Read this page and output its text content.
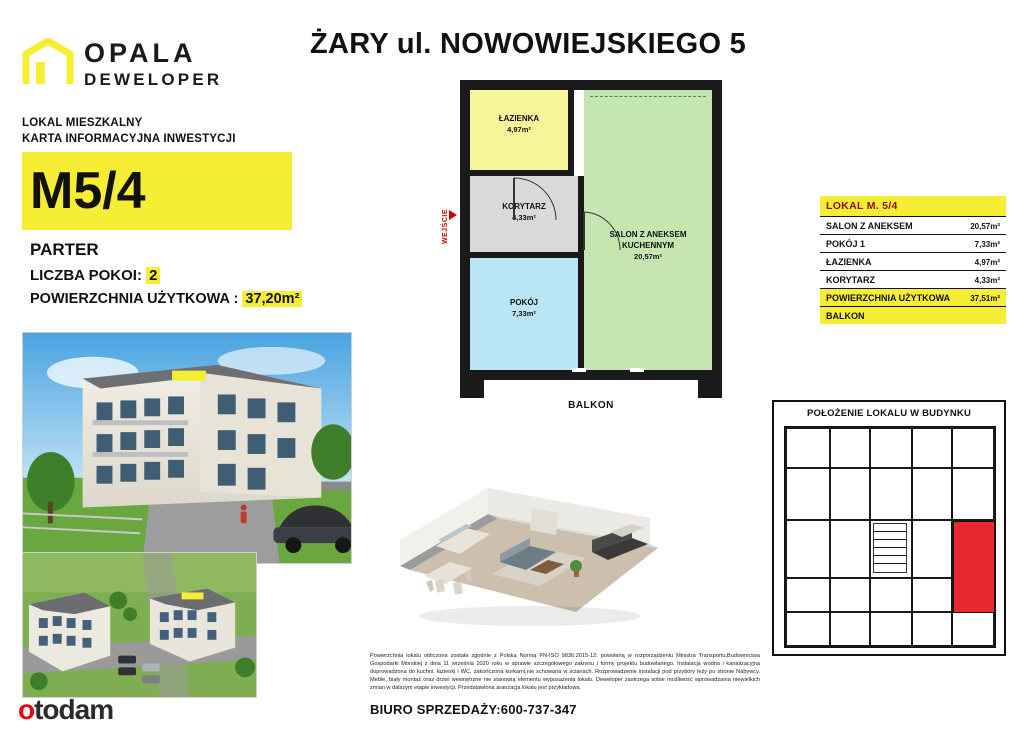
OPALA
DEWELOPER
LOKAL MIESZKALNY
KARTA INFORMACYJNA INWESTYCJI
M5/4
PARTER
LICZBA POKOI: 2
POWIERZCHNIA UŻYTKOWA : 37,20m²
ŻARY ul. NOWOWIEJSKIEGO 5
ŁAZIENKA
4,97m²
KORYTARZ
4,33m²
POKÓJ
7,33m²
SALON Z ANEKSEM KUCHENNYM
20,57m²
WEJŚCIE
BALKON
LOKAL M. 5/4
SALON Z ANEKSEM	20,57m²
POKÓJ 1	7,33m²
ŁAZIENKA	4,97m²
KORYTARZ	4,33m²
POWIERZCHNIA UŻYTKOWA	37,51m²
BALKON
POŁOŻENIE LOKALU W BUDYNKU
Powierzchnia lokalu obliczona została zgodnie z Polską Normą PN-ISO 9836:2015-12. powołaną w rozporządzeniu Ministra Transportu,Budownictwa Gospodarki Morskiej z dnia 11 września 2020 roku w sprawie szczegółowego zakresu i formy projektu budowlanego. Instalacja wodna i kanalizacyjna doprowadzona do kuchni, łazienki i WC, zakończona korkami,nie schowana w ścianach. Rozprowadzenie instalacji pod przybory leży po stronie Nabywcy. Meble, biały montaż oraz drzwi wewnętrzne nie stanowią elementu wyposażenia lokalu. Deweloper zastrzega sobie możliwość wprowadzania niewielkich zmian w dalszym etapie inwestycji. Przedstawiona aranżacja lokalu jest przykładowa.
BIURO SPRZEDAŻY:600-737-347
otodam
